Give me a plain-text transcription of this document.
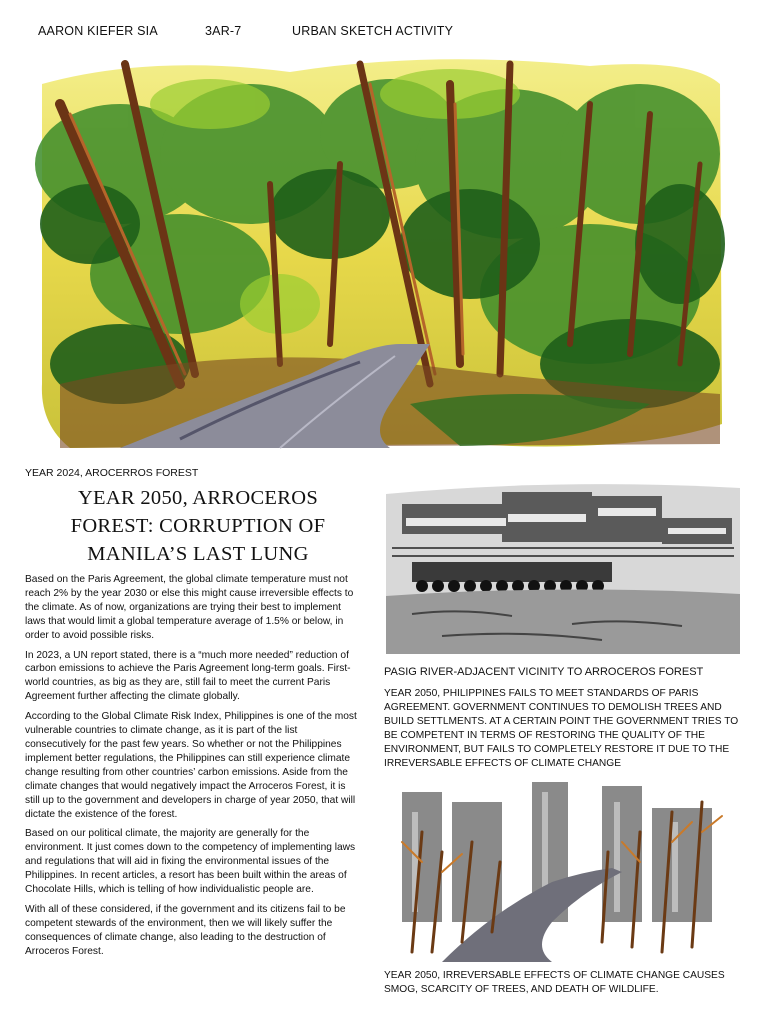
AARON KIEFER SIA	3AR-7	URBAN SKETCH ACTIVITY
YEAR 2024, AROCERROS FOREST
YEAR 2050, ARROCEROS
FOREST: CORRUPTION OF
MANILA’S LAST LUNG

Based on the Paris Agreement, the global climate temperature must not reach 2% by the year 2030 or else this might cause irreversible effects to the climate. As of now, organizations are trying their best to implement laws that would limit a global temperature average of 1.5% or below, in order to avoid possible risks.

In 2023, a UN report stated, there is a “much more needed” reduction of carbon emissions to achieve the Paris Agreement long-term goals. First-world countries, as big as they are, still fail to meet the current Paris Agreement further affecting the climate globally.

According to the Global Climate Risk Index, Philippines is one of the most vulnerable countries to climate change, as it is part of the list consecutively for the past few years. So whether or not the Philippines implement better regulations, the Philippines can still experience climate change resulting from other countries’ carbon emissions. Aside from the climate changes that would negatively impact the Arroceros Forest, it is still up to the government and developers in charge of year 2050, that will dictate the existence of the forest.

Based on our political climate, the majority are generally for the environment. It just comes down to the competency of implementing laws and regulations that will aid in fixing the environmental issues of the Philippines. In recent articles, a resort has been built within the areas of Chocolate Hills, which is telling of how individualistic people are.

With all of these considered, if the government and its citizens fail to be competent stewards of the environment, then we will likely suffer the consequences of climate change, also leading to the destruction of Arroceros Forest.

PASIG RIVER-ADJACENT VICINITY TO ARROCEROS FOREST
YEAR 2050, PHILIPPINES FAILS TO MEET STANDARDS OF PARIS AGREEMENT. GOVERNMENT CONTINUES TO DEMOLISH TREES AND BUILD SETTLMENTS. AT A CERTAIN POINT THE GOVERNMENT TRIES TO BE COMPETENT IN TERMS OF RESTORING THE QUALITY OF THE ENVIRONMENT, BUT FAILS TO COMPLETELY RESTORE IT DUE TO THE IRREVERSABLE EFFECTS OF CLIMATE CHANGE
YEAR 2050, IRREVERSABLE EFFECTS OF CLIMATE CHANGE CAUSES SMOG, SCARCITY OF TREES, AND DEATH OF WILDLIFE.
